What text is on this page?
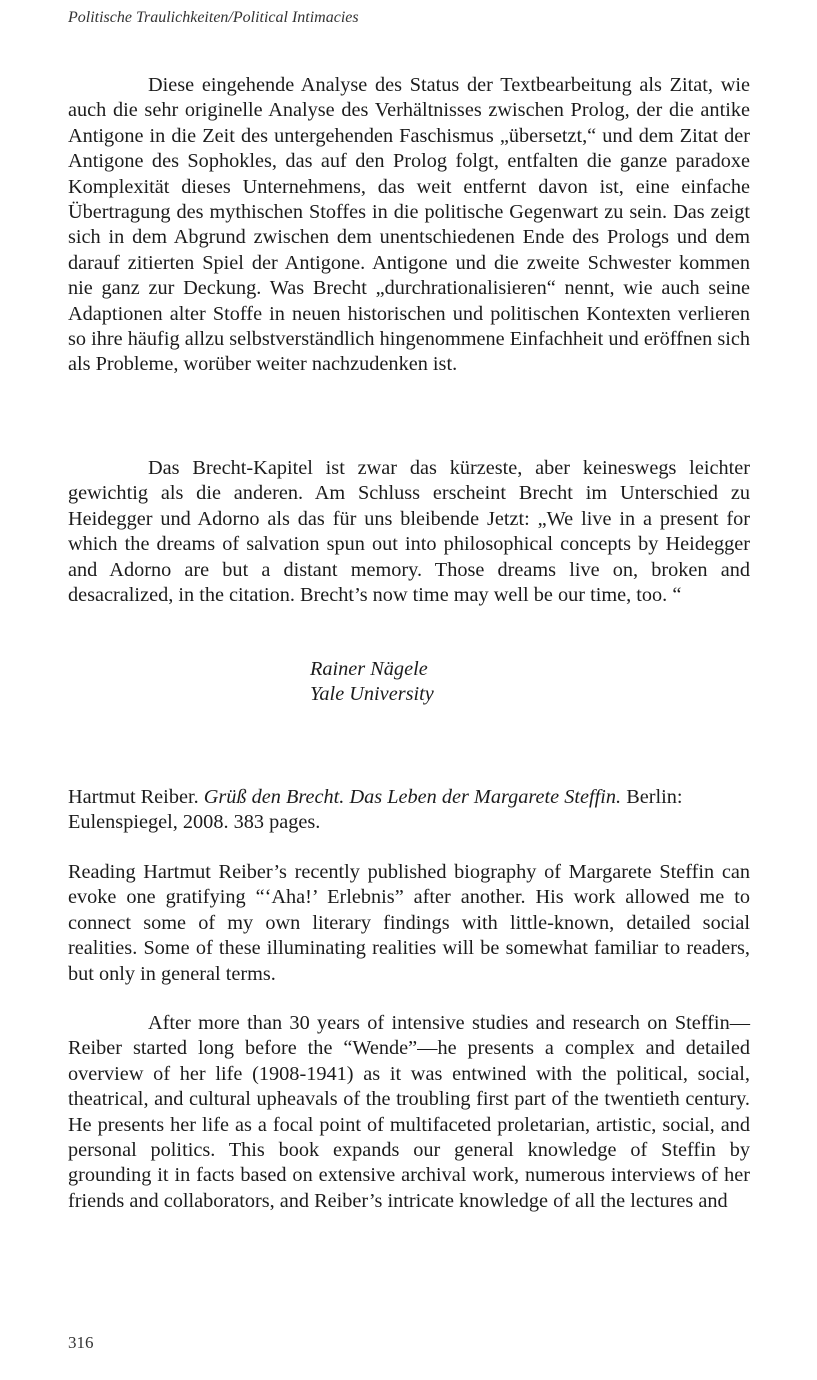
Politische Traulichkeiten/Political Intimacies

Diese eingehende Analyse des Status der Textbearbeitung als Zitat, wie auch die sehr originelle Analyse des Verhältnisses zwischen Prolog, der die antike Antigone in die Zeit des untergehenden Faschismus „übersetzt,“ und dem Zitat der Antigone des Sophokles, das auf den Prolog folgt, entfalten die ganze paradoxe Komplexität dieses Unternehmens, das weit entfernt davon ist, eine einfache Übertragung des mythischen Stoffes in die politische Gegenwart zu sein. Das zeigt sich in dem Abgrund zwischen dem unentschiedenen Ende des Prologs und dem darauf zitierten Spiel der Antigone. Antigone und die zweite Schwester kommen nie ganz zur Deckung. Was Brecht „durchrationalisieren“ nennt, wie auch seine Adaptionen alter Stoffe in neuen historischen und politischen Kontexten verlieren so ihre häufig allzu selbstverständlich hingenommene Einfachheit und eröffnen sich als Probleme, worüber weiter nachzudenken ist.

Das Brecht-Kapitel ist zwar das kürzeste, aber keineswegs leichter gewichtig als die anderen. Am Schluss erscheint Brecht im Unterschied zu Heidegger und Adorno als das für uns bleibende Jetzt: „We live in a present for which the dreams of salvation spun out into philosophical concepts by Heidegger and Adorno are but a distant memory. Those dreams live on, broken and desacralized, in the citation. Brecht’s now time may well be our time, too. “

Rainer Nägele
Yale University

Hartmut Reiber. Grüß den Brecht. Das Leben der Margarete Steffin. Berlin: Eulenspiegel, 2008. 383 pages.

Reading Hartmut Reiber’s recently published biography of Margarete Steffin can evoke one gratifying “‘Aha!’ Erlebnis” after another. His work allowed me to connect some of my own literary findings with little-known, detailed social realities. Some of these illuminating realities will be somewhat familiar to readers, but only in general terms.

After more than 30 years of intensive studies and research on Steffin—Reiber started long before the “Wende”—he presents a complex and detailed overview of her life (1908-1941) as it was entwined with the political, social, theatrical, and cultural upheavals of the troubling first part of the twentieth century. He presents her life as a focal point of multifaceted proletarian, artistic, social, and personal politics. This book expands our general knowledge of Steffin by grounding it in facts based on extensive archival work, numerous interviews of her friends and collaborators, and Reiber’s intricate knowledge of all the lectures and

316
